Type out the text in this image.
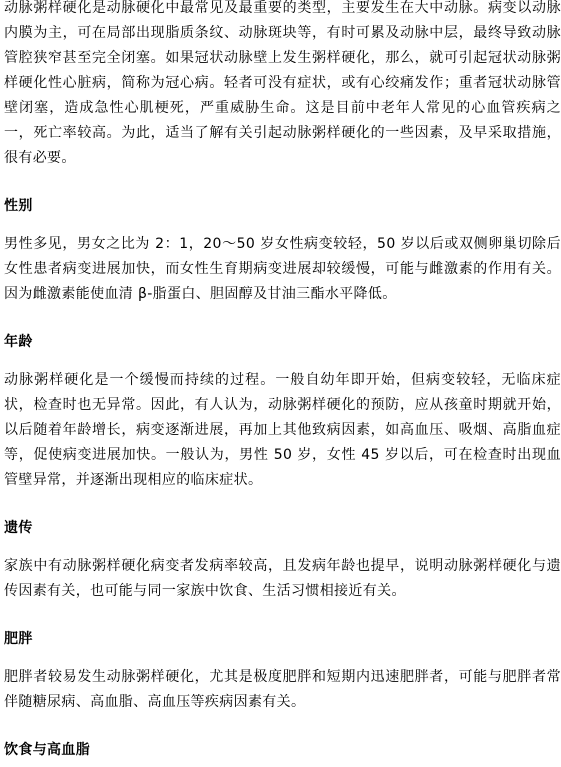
动脉粥样硬化是动脉硬化中最常见及最重要的类型，主要发生在大中动脉。病变以动脉内膜为主，可在局部出现脂质条纹、动脉斑块等，有时可累及动脉中层，最终导致动脉管腔狭窄甚至完全闭塞。如果冠状动脉壁上发生粥样硬化，那么，就可引起冠状动脉粥样硬化性心脏病，简称为冠心病。轻者可没有症状，或有心绞痛发作；重者冠状动脉管壁闭塞，造成急性心肌梗死，严重威胁生命。这是目前中老年人常见的心血管疾病之一，死亡率较高。为此，适当了解有关引起动脉粥样硬化的一些因素，及早采取措施，很有必要。

性别

男性多见，男女之比为 2：1，20～50 岁女性病变较轻，50 岁以后或双侧卵巢切除后女性患者病变进展加快，而女性生育期病变进展却较缓慢，可能与雌激素的作用有关。因为雌激素能使血清 β-脂蛋白、胆固醇及甘油三酯水平降低。

年龄

动脉粥样硬化是一个缓慢而持续的过程。一般自幼年即开始，但病变较轻，无临床症状，检查时也无异常。因此，有人认为，动脉粥样硬化的预防，应从孩童时期就开始，以后随着年龄增长，病变逐渐进展，再加上其他致病因素，如高血压、吸烟、高脂血症等，促使病变进展加快。一般认为，男性 50 岁，女性 45 岁以后，可在检查时出现血管壁异常，并逐渐出现相应的临床症状。

遗传

家族中有动脉粥样硬化病变者发病率较高，且发病年龄也提早，说明动脉粥样硬化与遗传因素有关，也可能与同一家族中饮食、生活习惯相接近有关。

肥胖

肥胖者较易发生动脉粥样硬化，尤其是极度肥胖和短期内迅速肥胖者，可能与肥胖者常伴随糖尿病、高血脂、高血压等疾病因素有关。

饮食与高血脂
